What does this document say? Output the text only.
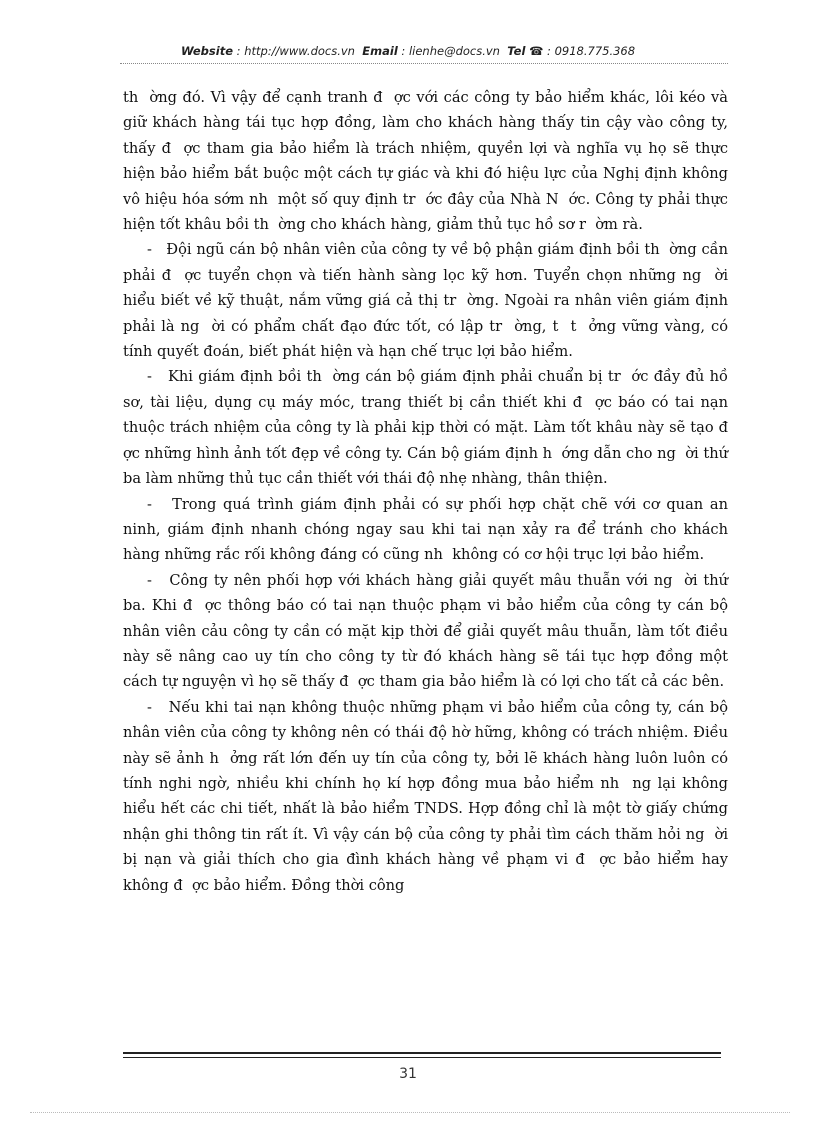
Website : http://www.docs.vn Email : lienhe@docs.vn Tel ☎ : 0918.775.368

th  ờng đó. Vì vậy để cạnh tranh đ  ợc với các công ty bảo hiểm khác, lôi kéo và giữ khách hàng tái tục hợp đồng, làm cho khách hàng thấy tin cậy vào công ty, thấy đ  ợc tham gia bảo hiểm là trách nhiệm, quyền lợi và nghĩa vụ họ sẽ thực hiện bảo hiểm bắt buộc một cách tự giác và khi đó hiệu lực của Nghị định không vô hiệu hóa sớm nh  một số quy định tr  ớc đây của Nhà N  ớc. Công ty phải thực hiện tốt khâu bồi th  ờng cho khách hàng, giảm thủ tục hồ sơ r  ờm rà.

-   Đội ngũ cán bộ nhân viên của công ty về bộ phận giám định bồi th  ờng cần phải đ  ợc tuyển chọn và tiến hành sàng lọc kỹ hơn. Tuyển chọn những ng  ời hiểu biết về kỹ thuật, nắm vững giá cả thị tr  ờng. Ngoài ra nhân viên giám định phải là ng  ời có phẩm chất đạo đức tốt, có lập tr  ờng, t  t  ởng vững vàng, có tính quyết đoán, biết phát hiện và hạn chế trục lợi bảo hiểm.

-   Khi giám định bồi th  ờng cán bộ giám định phải chuẩn bị tr  ớc đầy đủ hồ sơ, tài liệu, dụng cụ máy móc, trang thiết bị cần thiết khi đ  ợc báo có tai nạn thuộc trách nhiệm của công ty là phải kịp thời có mặt. Làm tốt khâu này sẽ tạo đ  ợc những hình ảnh tốt đẹp về công ty. Cán bộ giám định h  ớng dẫn cho ng  ời thứ ba làm những thủ tục cần thiết với thái độ nhẹ nhàng, thân thiện.

-   Trong quá trình giám định phải có sự phối hợp chặt chẽ với cơ quan an ninh, giám định nhanh chóng ngay sau khi tai nạn xảy ra để tránh cho khách hàng những rắc rối không đáng có cũng nh  không có cơ hội trục lợi bảo hiểm.

-   Công ty nên phối hợp với khách hàng giải quyết mâu thuẫn với ng  ời thứ ba. Khi đ  ợc thông báo có tai nạn thuộc phạm vi bảo hiểm của công ty cán bộ nhân viên cảu công ty cần có mặt kịp thời để giải quyết mâu thuẫn, làm tốt điều này sẽ nâng cao uy tín cho công ty từ đó khách hàng sẽ tái tục hợp đồng một cách tự nguyện vì họ sẽ thấy đ  ợc tham gia bảo hiểm là có lợi cho tất cả các bên.

-   Nếu khi tai nạn không thuộc những phạm vi bảo hiểm của công ty, cán bộ nhân viên của công ty không nên có thái độ hờ hững, không có trách nhiệm. Điều này sẽ ảnh h  ởng rất lớn đến uy tín của công ty, bởi lẽ khách hàng luôn luôn có tính nghi ngờ, nhiều khi chính họ kí hợp đồng mua bảo hiểm nh  ng lại không hiểu hết các chi tiết, nhất là bảo hiểm TNDS. Hợp đồng chỉ là một tờ giấy chứng nhận ghi thông tin rất ít. Vì vậy cán bộ của công ty phải tìm cách thăm hỏi ng  ời bị nạn và giải thích cho gia đình khách hàng về phạm vi đ  ợc bảo hiểm hay không đ  ợc bảo hiểm. Đồng thời công

31
